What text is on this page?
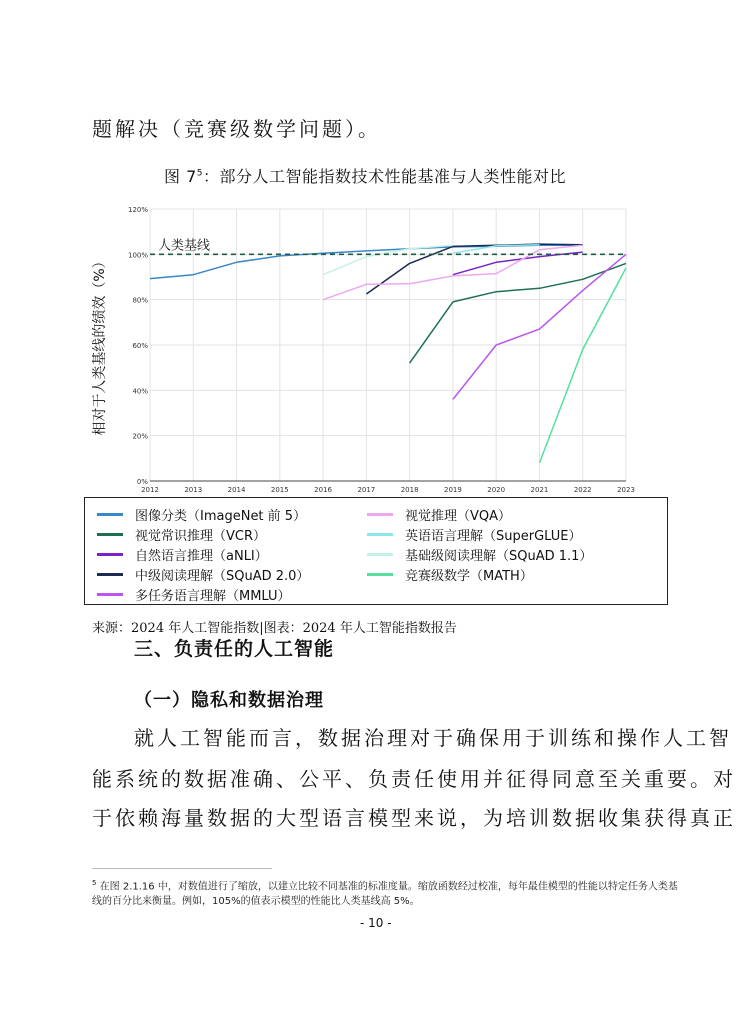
题解决（竞赛级数学问题）。
图 $7^5$：部分人工智能指数技术性能基准与人类性能对比
0%
20%
40%
60%
80%
100%
120%
2012	2013	2014	2015	2016	2017	2018	2019	2020	2021	2022	2023
人类基线
相对于人类基线的绩效（%）
图像分类（ImageNet 前 5）
视觉常识推理（VCR）
自然语言推理（aNLI）
中级阅读理解（SQuAD 2.0）
多任务语言理解（MMLU）
视觉推理（VQA）
英语语言理解（SuperGLUE）
基础级阅读理解（SQuAD 1.1）
竞赛级数学（MATH）
来源：2024 年人工智能指数|图表：2024 年人工智能指数报告
三、负责任的人工智能
（一）隐私和数据治理
就人工智能而言，数据治理对于确保用于训练和操作人工智
能系统的数据准确、公平、负责任使用并征得同意至关重要。对
于依赖海量数据的大型语言模型来说，为培训数据收集获得真正
$^5$ 在图 2.1.16 中，对数值进行了缩放，以建立比较不同基准的标准度量。缩放函数经过校准，每年最佳模型的性能以特定任务人类基线的百分比来衡量。例如，105%的值表示模型的性能比人类基线高 5%。
- 10 -
